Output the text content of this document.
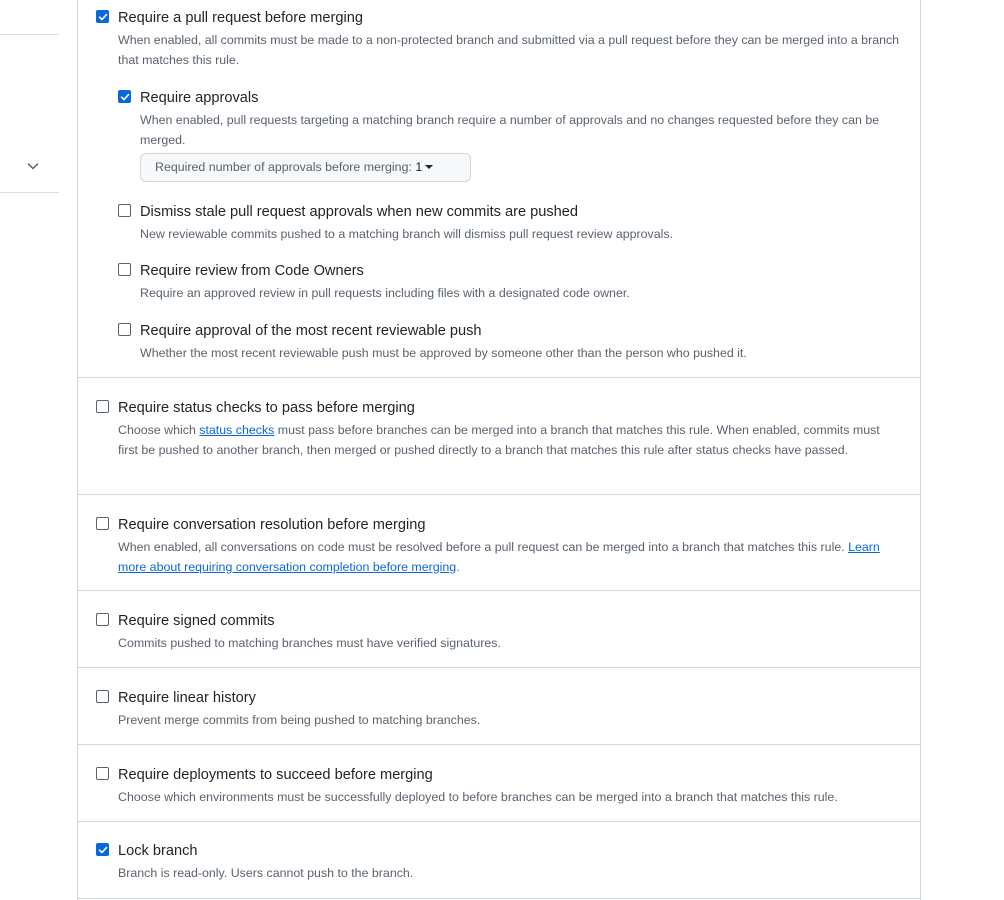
Require a pull request before merging
When enabled, all commits must be made to a non-protected branch and submitted via a pull request before they can be merged into a branch that matches this rule.
Require approvals
When enabled, pull requests targeting a matching branch require a number of approvals and no changes requested before they can be merged.
Required number of approvals before merging: 1
Dismiss stale pull request approvals when new commits are pushed
New reviewable commits pushed to a matching branch will dismiss pull request review approvals.
Require review from Code Owners
Require an approved review in pull requests including files with a designated code owner.
Require approval of the most recent reviewable push
Whether the most recent reviewable push must be approved by someone other than the person who pushed it.
Require status checks to pass before merging
Choose which status checks must pass before branches can be merged into a branch that matches this rule. When enabled, commits must first be pushed to another branch, then merged or pushed directly to a branch that matches this rule after status checks have passed.
Require conversation resolution before merging
When enabled, all conversations on code must be resolved before a pull request can be merged into a branch that matches this rule. Learn more about requiring conversation completion before merging.
Require signed commits
Commits pushed to matching branches must have verified signatures.
Require linear history
Prevent merge commits from being pushed to matching branches.
Require deployments to succeed before merging
Choose which environments must be successfully deployed to before branches can be merged into a branch that matches this rule.
Lock branch
Branch is read-only. Users cannot push to the branch.
